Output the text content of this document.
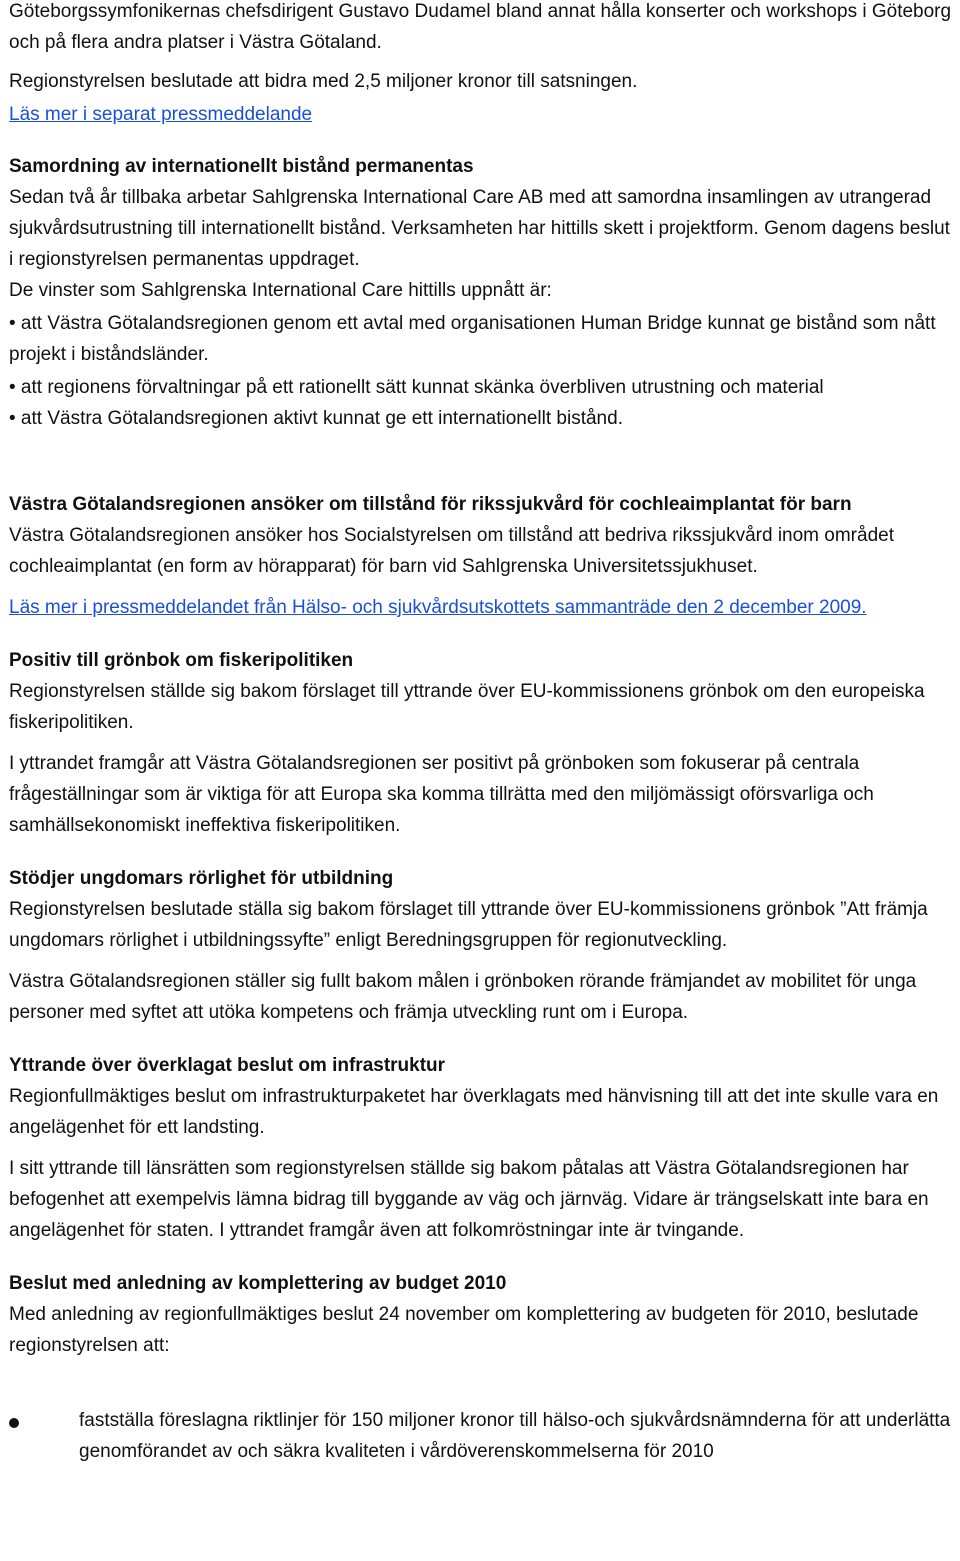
Göteborgssymfonikernas chefsdirigent Gustavo Dudamel bland annat hålla konserter och workshops i Göteborg och på flera andra platser i Västra Götaland.

Regionstyrelsen beslutade att bidra med 2,5 miljoner kronor till satsningen.

Läs mer i separat pressmeddelande

Samordning av internationellt bistånd permanentas

Sedan två år tillbaka arbetar Sahlgrenska International Care AB med att samordna insamlingen av utrangerad sjukvårdsutrustning till internationellt bistånd. Verksamheten har hittills skett i projektform. Genom dagens beslut i regionstyrelsen permanentas uppdraget.

De vinster som Sahlgrenska International Care hittills uppnått är:

• att Västra Götalandsregionen genom ett avtal med organisationen Human Bridge kunnat ge bistånd som nått projekt i biståndsländer.

• att regionens förvaltningar på ett rationellt sätt kunnat skänka överbliven utrustning och material

• att Västra Götalandsregionen aktivt kunnat ge ett internationellt bistånd.

Västra Götalandsregionen ansöker om tillstånd för rikssjukvård för cochleaimplantat för barn

Västra Götalandsregionen ansöker hos Socialstyrelsen om tillstånd att bedriva rikssjukvård inom området cochleaimplantat (en form av hörapparat) för barn vid Sahlgrenska Universitetssjukhuset.

Läs mer i pressmeddelandet från Hälso- och sjukvårdsutskottets sammanträde den 2 december 2009.

Positiv till grönbok om fiskeripolitiken

Regionstyrelsen ställde sig bakom förslaget till yttrande över EU-kommissionens grönbok om den europeiska fiskeripolitiken.

I yttrandet framgår att Västra Götalandsregionen ser positivt på grönboken som fokuserar på centrala frågeställningar som är viktiga för att Europa ska komma tillrätta med den miljömässigt oförsvarliga och samhällsekonomiskt ineffektiva fiskeripolitiken.

Stödjer ungdomars rörlighet för utbildning

Regionstyrelsen beslutade ställa sig bakom förslaget till yttrande över EU-kommissionens grönbok ”Att främja ungdomars rörlighet i utbildningssyfte” enligt Beredningsgruppen för regionutveckling.

Västra Götalandsregionen ställer sig fullt bakom målen i grönboken rörande främjandet av mobilitet för unga personer med syftet att utöka kompetens och främja utveckling runt om i Europa.

Yttrande över överklagat beslut om infrastruktur

Regionfullmäktiges beslut om infrastrukturpaketet har överklagats med hänvisning till att det inte skulle vara en angelägenhet för ett landsting.

I sitt yttrande till länsrätten som regionstyrelsen ställde sig bakom påtalas att Västra Götalandsregionen har befogenhet att exempelvis lämna bidrag till byggande av väg och järnväg. Vidare är trängselskatt inte bara en angelägenhet för staten. I yttrandet framgår även att folkomröstningar inte är tvingande.

Beslut med anledning av komplettering av budget 2010

Med anledning av regionfullmäktiges beslut 24 november om komplettering av budgeten för 2010, beslutade regionstyrelsen att:

fastställa föreslagna riktlinjer för 150 miljoner kronor till hälso-och sjukvårdsnämnderna för att underlätta genomförandet av och säkra kvaliteten i vårdöverenskommelserna för 2010
